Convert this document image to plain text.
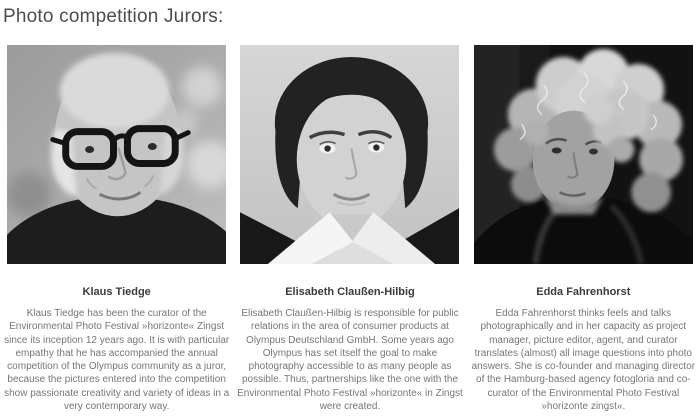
Photo competition Jurors:
Klaus Tiedge
Klaus Tiedge has been the curator of the Environmental Photo Festival »horizonte« Zingst since its inception 12 years ago. It is with particular empathy that he has accompanied the annual competition of the Olympus community as a juror, because the pictures entered into the competition show passionate creativity and variety of ideas in a very contemporary way.
Elisabeth Claußen-Hilbig
Elisabeth Claußen-Hilbig is responsible for public relations in the area of consumer products at Olympus Deutschland GmbH. Some years ago Olympus has set itself the goal to make photography accessible to as many people as possible. Thus, partnerships like the one with the Environmental Photo Festival »horizonte« in Zingst were created.
Edda Fahrenhorst
Edda Fahrenhorst thinks feels and talks photographically and in her capacity as project manager, picture editor, agent, and curator translates (almost) all image questions into photo answers. She is co-founder and managing director of the Hamburg-based agency fotogloria and co-curator of the Environmental Photo Festival »horizonte zingst«.
